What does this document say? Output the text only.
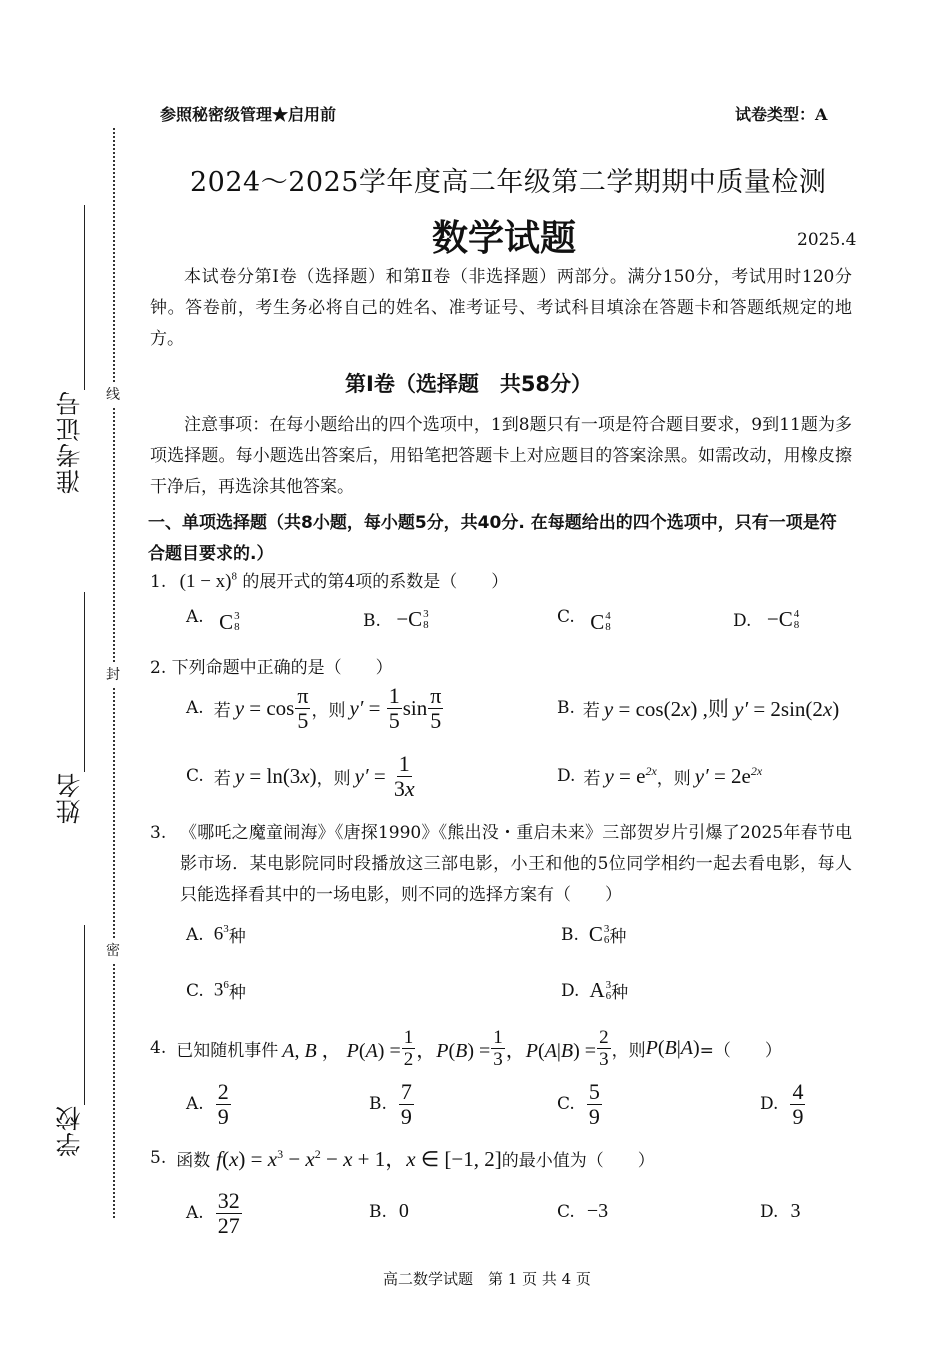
线
封
密
准考证号
姓名
学校
参照秘密级管理★启用前	试卷类型：A
2024～2025学年度高二年级第二学期期中质量检测
数学试题	2025.4
本试卷分第Ⅰ卷（选择题）和第Ⅱ卷（非选择题）两部分。满分150分，考试用时120分钟。答卷前，考生务必将自己的姓名、准考证号、考试科目填涂在答题卡和答题纸规定的地方。
第Ⅰ卷（选择题　共58分）
注意事项：在每小题给出的四个选项中，1到8题只有一项是符合题目要求，9到11题为多项选择题。每小题选出答案后，用铅笔把答题卡上对应题目的答案涂黑。如需改动，用橡皮擦干净后，再选涂其他答案。
一、单项选择题（共8小题，每小题5分，共40分. 在每题给出的四个选项中，只有一项是符合题目要求的.）
1. $(1 - x)^8$ 的展开式的第4项的系数是（　　）
A. C 3
8	B. − C 3
8	C. C 4
8	D. − C 4
8
2. 下列命题中正确的是（　　）
A. 若 $y = \cos \frac{\pi}{5}$ ， 则 $y' = \frac{1}{5}$ $\sin \frac{\pi}{5}$	B. 若 y = cos(2x) ,则 y′ = 2sin(2x)
C. 若 y = ln(3x) ， 则 $y' = \frac{1}{3x}$	D. 若 $y = e^{2x}$ ， 则 $y' = 2e^{2x}$
3. 《哪吒之魔童闹海》《唐探1990》《熊出没・重启未来》三部贺岁片引爆了2025年春节电影市场．某电影院同时段播放这三部电影，小王和他的5位同学相约一起去看电影，每人只能选择看其中的一场电影，则不同的选择方案有（　　）
A. $6^3$ 种	B. C 3
6 种
C. $3^6$ 种	D. A 3
6 种
4. 已知随机事件 A, B ， $P(A) = \frac{1}{2}$ ，$P(B) = \frac{1}{3}$ ，$P(A|B) = \frac{2}{3}$ ，则 P(B|A) =（　　）
A. $\frac{2}{9}$	B. $\frac{7}{9}$	C. $\frac{5}{9}$	D. $\frac{4}{9}$
5. 函数 $f(x) = x^3 - x^2 - x + 1$，x ∈ [−1, 2] 的最小值为（　　）
A. $\frac{32}{27}$	B. 0	C. −3	D. 3
高二数学试题　第 1 页 共 4 页
